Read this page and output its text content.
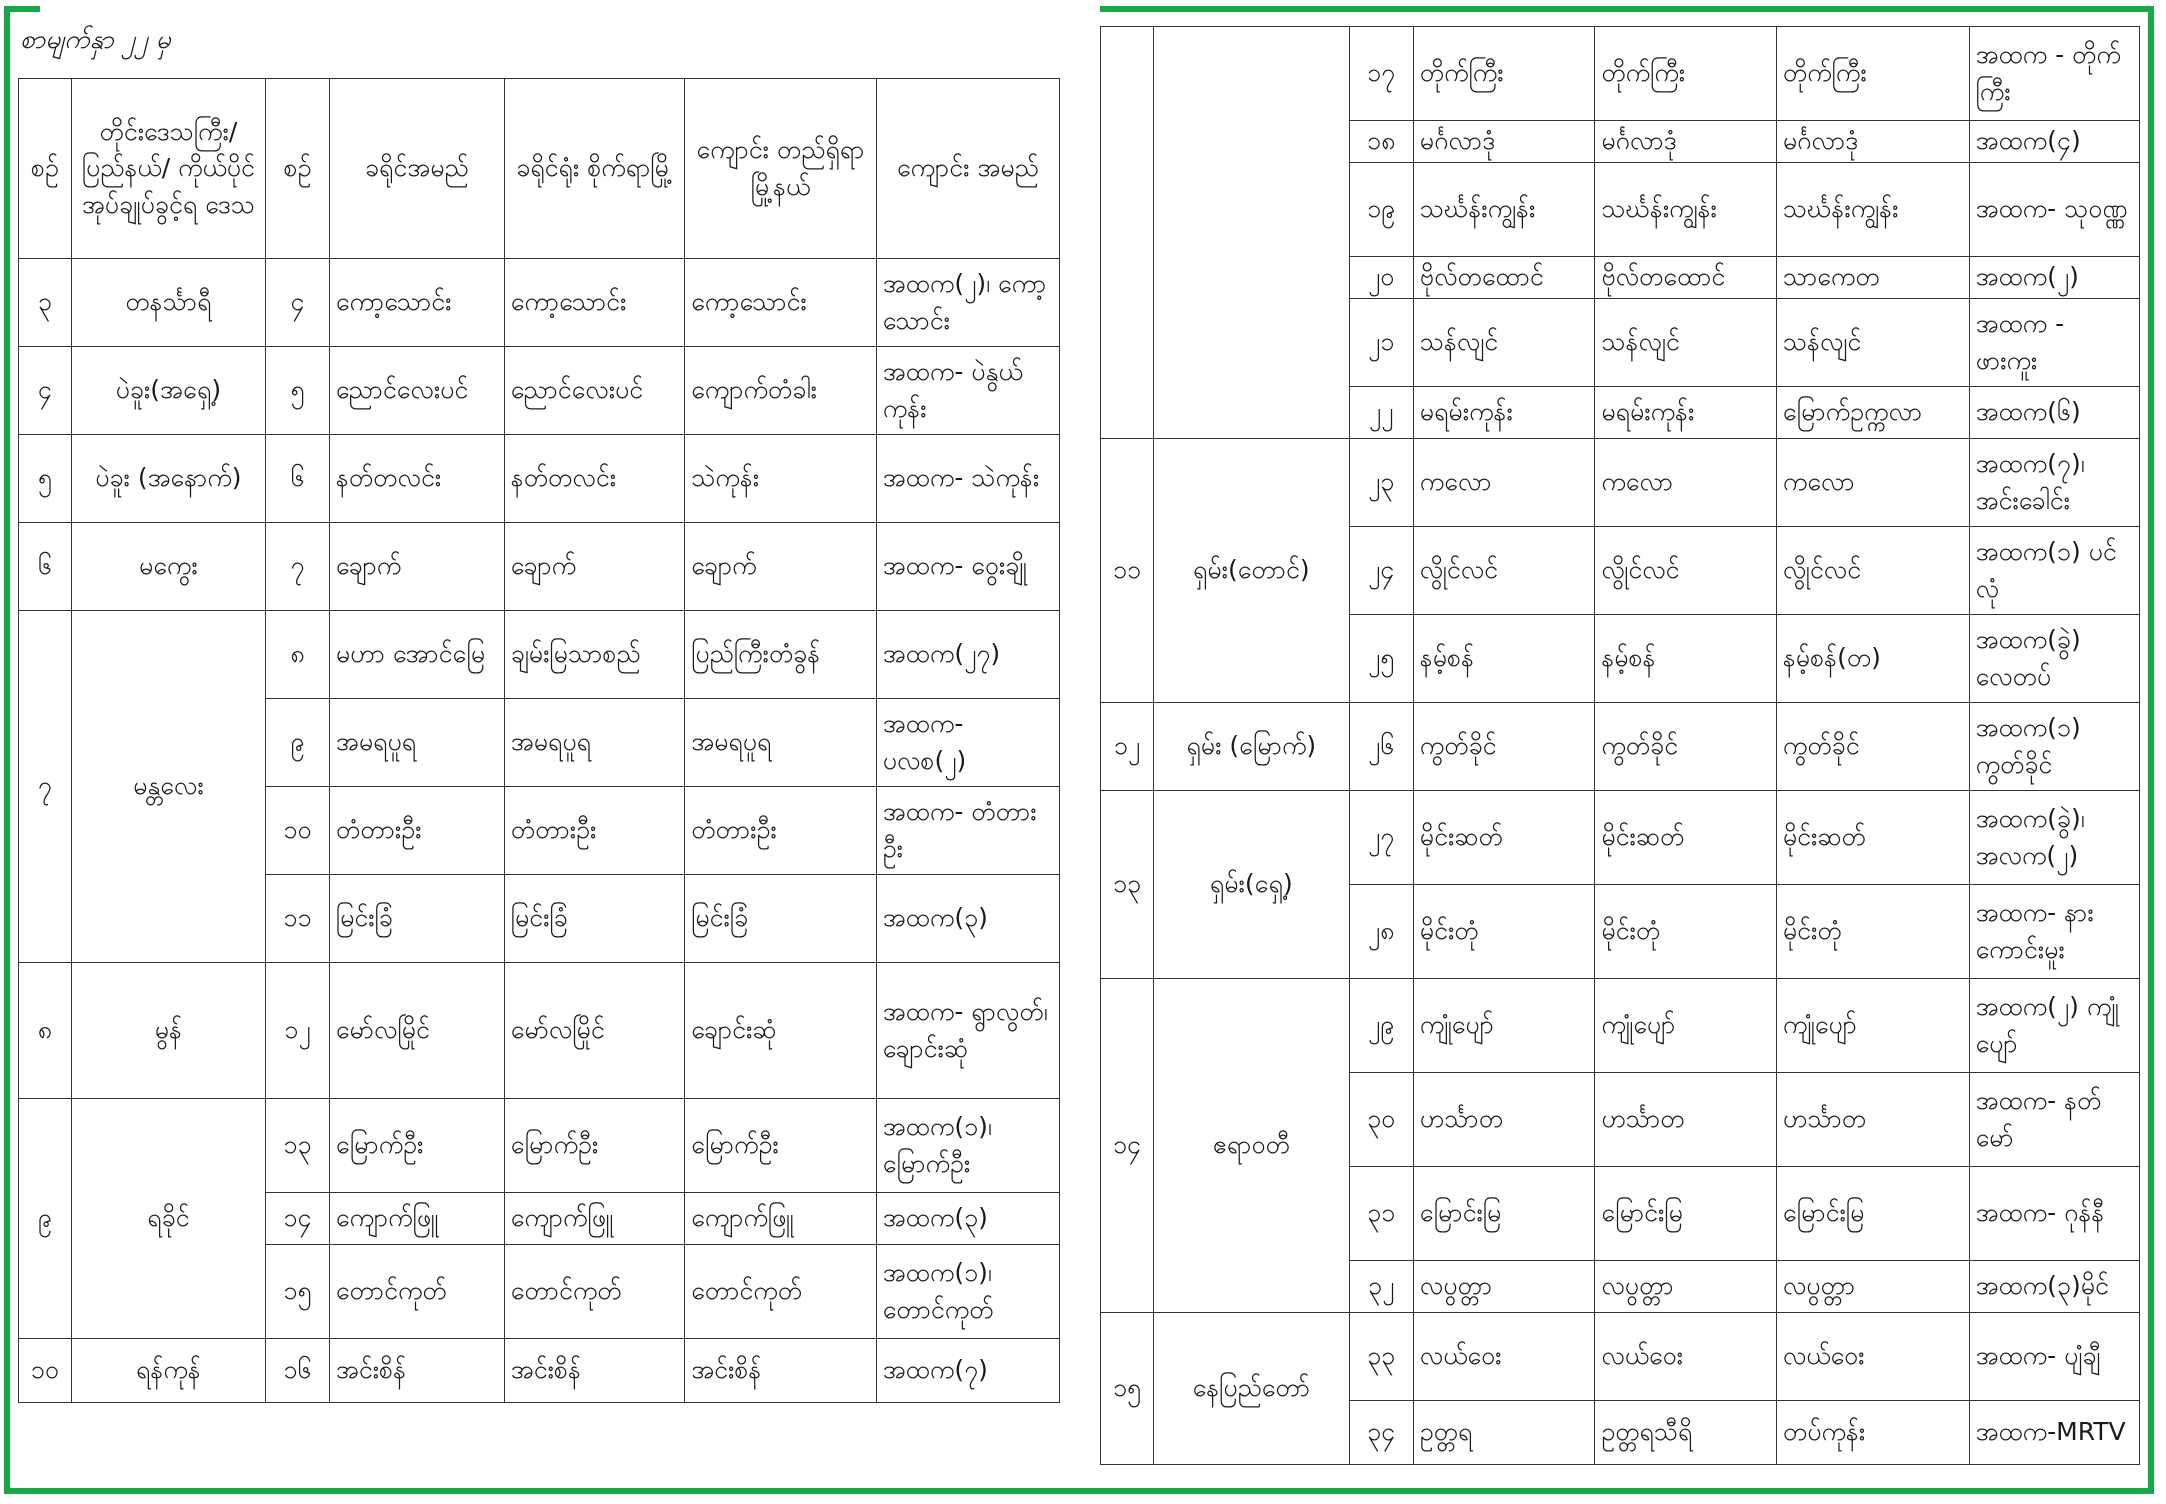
စာမျက်နှာ ၂၂ မှ
စဉ်	တိုင်းဒေသကြီး/ ပြည်နယ်/ ကိုယ်ပိုင် အုပ်ချုပ်ခွင့်ရ ဒေသ	စဉ်	ခရိုင်အမည်	ခရိုင်ရုံး စိုက်ရာမြို့	ကျောင်း တည်ရှိရာ မြို့နယ်	ကျောင်း အမည်
၃	တနင်္သာရီ	၄	ကော့သောင်း	ကော့သောင်း	ကော့သောင်း	အထက(၂)၊ ကော့သောင်း
၄	ပဲခူး(အရှေ့)	၅	ညောင်လေးပင်	ညောင်လေးပင်	ကျောက်တံခါး	အထက- ပဲနွယ်ကုန်း
၅	ပဲခူး (အနောက်)	၆	နတ်တလင်း	နတ်တလင်း	သဲကုန်း	အထက- သဲကုန်း
၆	မကွေး	၇	ချောက်	ချောက်	ချောက်	အထက- ဝွေးချို
၇	မန္တလေး	၈	မဟာ အောင်မြေ	ချမ်းမြသာစည်	ပြည်ကြီးတံခွန်	အထက(၂၇)
		၉	အမရပူရ	အမရပူရ	အမရပူရ	အထက- ပလစ(၂)
		၁၀	တံတားဦး	တံတားဦး	တံတားဦး	အထက- တံတားဦး
		၁၁	မြင်းခြံ	မြင်းခြံ	မြင်းခြံ	အထက(၃)
၈	မွန်	၁၂	မော်လမြိုင်	မော်လမြိုင်	ချောင်းဆုံ	အထက- ရွာလွတ်၊ ချောင်းဆုံ
၉	ရခိုင်	၁၃	မြောက်ဦး	မြောက်ဦး	မြောက်ဦး	အထက(၁)၊ မြောက်ဦး
		၁၄	ကျောက်ဖြူ	ကျောက်ဖြူ	ကျောက်ဖြူ	အထက(၃)
		၁၅	တောင်ကုတ်	တောင်ကုတ်	တောင်ကုတ်	အထက(၁)၊ တောင်ကုတ်
၁၀	ရန်ကုန်	၁၆	အင်းစိန်	အင်းစိန်	အင်းစိန်	အထက(၇)
		၁၇	တိုက်ကြီး	တိုက်ကြီး	တိုက်ကြီး	အထက - တိုက်ကြီး
		၁၈	မင်္ဂလာဒုံ	မင်္ဂလာဒုံ	မင်္ဂလာဒုံ	အထက(၄)
		၁၉	သင်္ဃန်းကျွန်း	သင်္ဃန်းကျွန်း	သင်္ဃန်းကျွန်း	အထက- သုဝဏ္ဏ
		၂၀	ဗိုလ်တထောင်	ဗိုလ်တထောင်	သာကေတ	အထက(၂)
		၂၁	သန်လျင်	သန်လျင်	သန်လျင်	အထက - ဖားကူး
		၂၂	မရမ်းကုန်း	မရမ်းကုန်း	မြောက်ဥက္ကလာ	အထက(၆)
၁၁	ရှမ်း(တောင်)	၂၃	ကလော	ကလော	ကလော	အထက(၇)၊ အင်းခေါင်း
		၂၄	လွိုင်လင်	လွိုင်လင်	လွိုင်လင်	အထက(၁) ပင်လုံ
		၂၅	နမ့်စန်	နမ့်စန်	နမ့်စန်(တ)	အထက(ခွဲ) လေတပ်
၁၂	ရှမ်း (မြောက်)	၂၆	ကွတ်ခိုင်	ကွတ်ခိုင်	ကွတ်ခိုင်	အထက(၁) ကွတ်ခိုင်
၁၃	ရှမ်း(ရှေ့)	၂၇	မိုင်းဆတ်	မိုင်းဆတ်	မိုင်းဆတ်	အထက(ခွဲ)၊ အလက(၂)
		၂၈	မိုင်းတုံ	မိုင်းတုံ	မိုင်းတုံ	အထက- နားကောင်းမူး
၁၄	ဧရာဝတီ	၂၉	ကျုံပျော်	ကျုံပျော်	ကျုံပျော်	အထက(၂) ကျုံပျော်
		၃၀	ဟင်္သာတ	ဟင်္သာတ	ဟင်္သာတ	အထက- နတ်မော်
		၃၁	မြောင်းမြ	မြောင်းမြ	မြောင်းမြ	အထက- ဂုန်နီ
		၃၂	လပွတ္တာ	လပွတ္တာ	လပွတ္တာ	အထက(၃)မိုင်
၁၅	နေပြည်တော်	၃၃	လယ်ဝေး	လယ်ဝေး	လယ်ဝေး	အထက- ပျံချီ
		၃၄	ဥတ္တရ	ဥတ္တရသီရိ	တပ်ကုန်း	အထက-MRTV
